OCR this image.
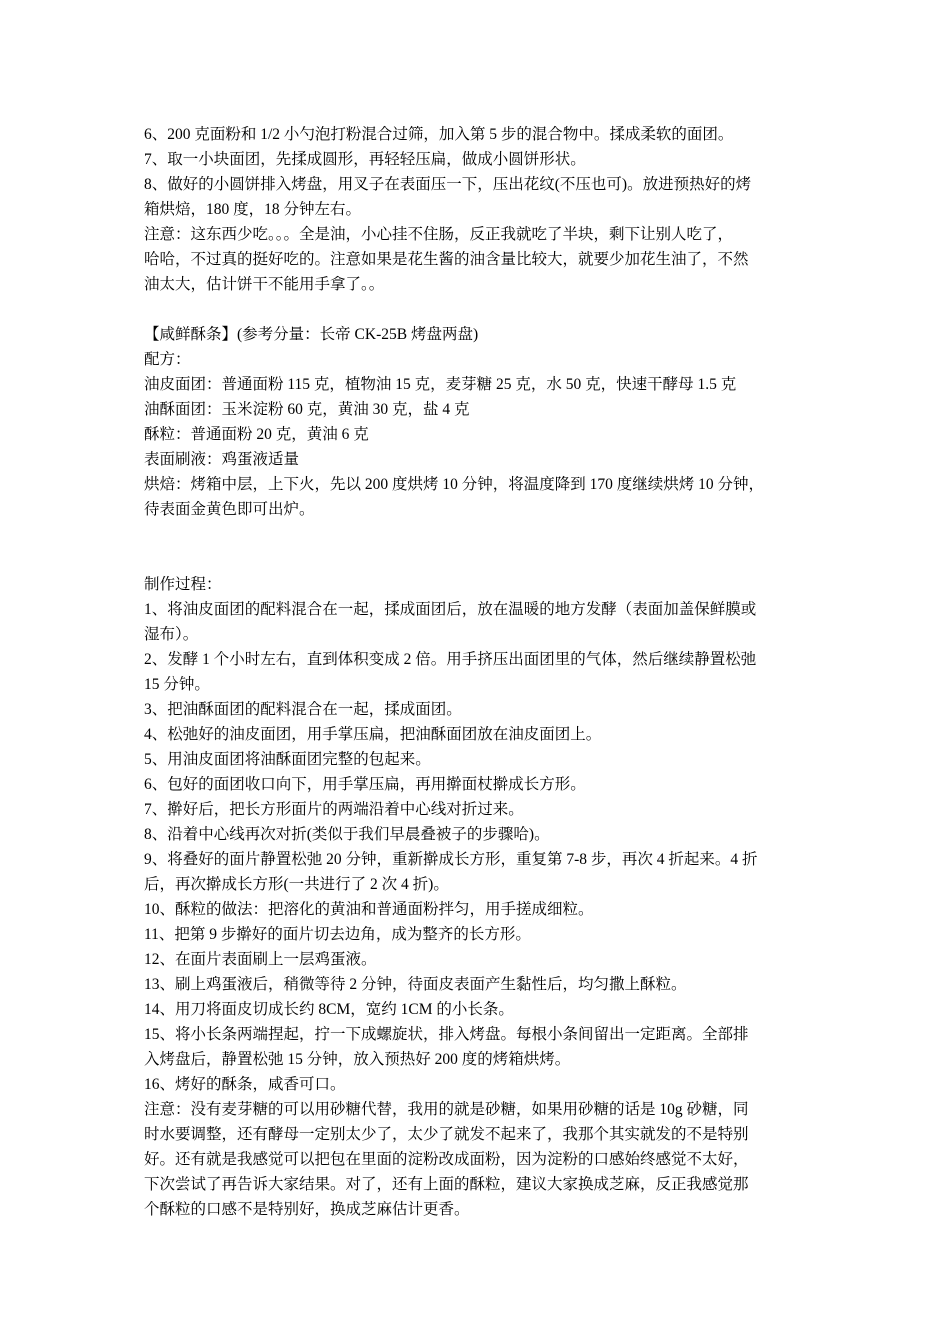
6、200 克面粉和 1/2 小勺泡打粉混合过筛，加入第 5 步的混合物中。揉成柔软的面团。
7、取一小块面团，先揉成圆形，再轻轻压扁，做成小圆饼形状。
8、做好的小圆饼排入烤盘，用叉子在表面压一下，压出花纹(不压也可)。放进预热好的烤
箱烘焙，180 度，18 分钟左右。
注意：这东西少吃。。。全是油，小心挂不住肠，反正我就吃了半块，剩下让别人吃了，
哈哈，不过真的挺好吃的。注意如果是花生酱的油含量比较大，就要少加花生油了，不然
油太大，估计饼干不能用手拿了。。
【咸鲜酥条】(参考分量：长帝 CK-25B 烤盘两盘)
配方：
油皮面团：普通面粉 115 克，植物油 15 克，麦芽糖 25 克，水 50 克，快速干酵母 1.5 克
油酥面团：玉米淀粉 60 克，黄油 30 克，盐 4 克
酥粒：普通面粉 20 克，黄油 6 克
表面刷液：鸡蛋液适量
烘焙：烤箱中层，上下火，先以 200 度烘烤 10 分钟，将温度降到 170 度继续烘烤 10 分钟，
待表面金黄色即可出炉。
制作过程：
1、将油皮面团的配料混合在一起，揉成面团后，放在温暖的地方发酵（表面加盖保鲜膜或
湿布）。
2、发酵 1 个小时左右，直到体积变成 2 倍。用手挤压出面团里的气体，然后继续静置松弛
15 分钟。
3、把油酥面团的配料混合在一起，揉成面团。
4、松弛好的油皮面团，用手掌压扁，把油酥面团放在油皮面团上。
5、用油皮面团将油酥面团完整的包起来。
6、包好的面团收口向下，用手掌压扁，再用擀面杖擀成长方形。
7、擀好后，把长方形面片的两端沿着中心线对折过来。
8、沿着中心线再次对折(类似于我们早晨叠被子的步骤哈)。
9、将叠好的面片静置松弛 20 分钟，重新擀成长方形，重复第 7-8 步，再次 4 折起来。4 折
后，再次擀成长方形(一共进行了 2 次 4 折)。
10、酥粒的做法：把溶化的黄油和普通面粉拌匀，用手搓成细粒。
11、把第 9 步擀好的面片切去边角，成为整齐的长方形。
12、在面片表面刷上一层鸡蛋液。
13、刷上鸡蛋液后，稍微等待 2 分钟，待面皮表面产生黏性后，均匀撒上酥粒。
14、用刀将面皮切成长约 8CM，宽约 1CM 的小长条。
15、将小长条两端捏起，拧一下成螺旋状，排入烤盘。每根小条间留出一定距离。全部排
入烤盘后，静置松弛 15 分钟，放入预热好 200 度的烤箱烘烤。
16、烤好的酥条，咸香可口。
注意：没有麦芽糖的可以用砂糖代替，我用的就是砂糖，如果用砂糖的话是 10g 砂糖，同
时水要调整，还有酵母一定别太少了，太少了就发不起来了，我那个其实就发的不是特别
好。还有就是我感觉可以把包在里面的淀粉改成面粉，因为淀粉的口感始终感觉不太好，
下次尝试了再告诉大家结果。对了，还有上面的酥粒，建议大家换成芝麻，反正我感觉那
个酥粒的口感不是特别好，换成芝麻估计更香。
